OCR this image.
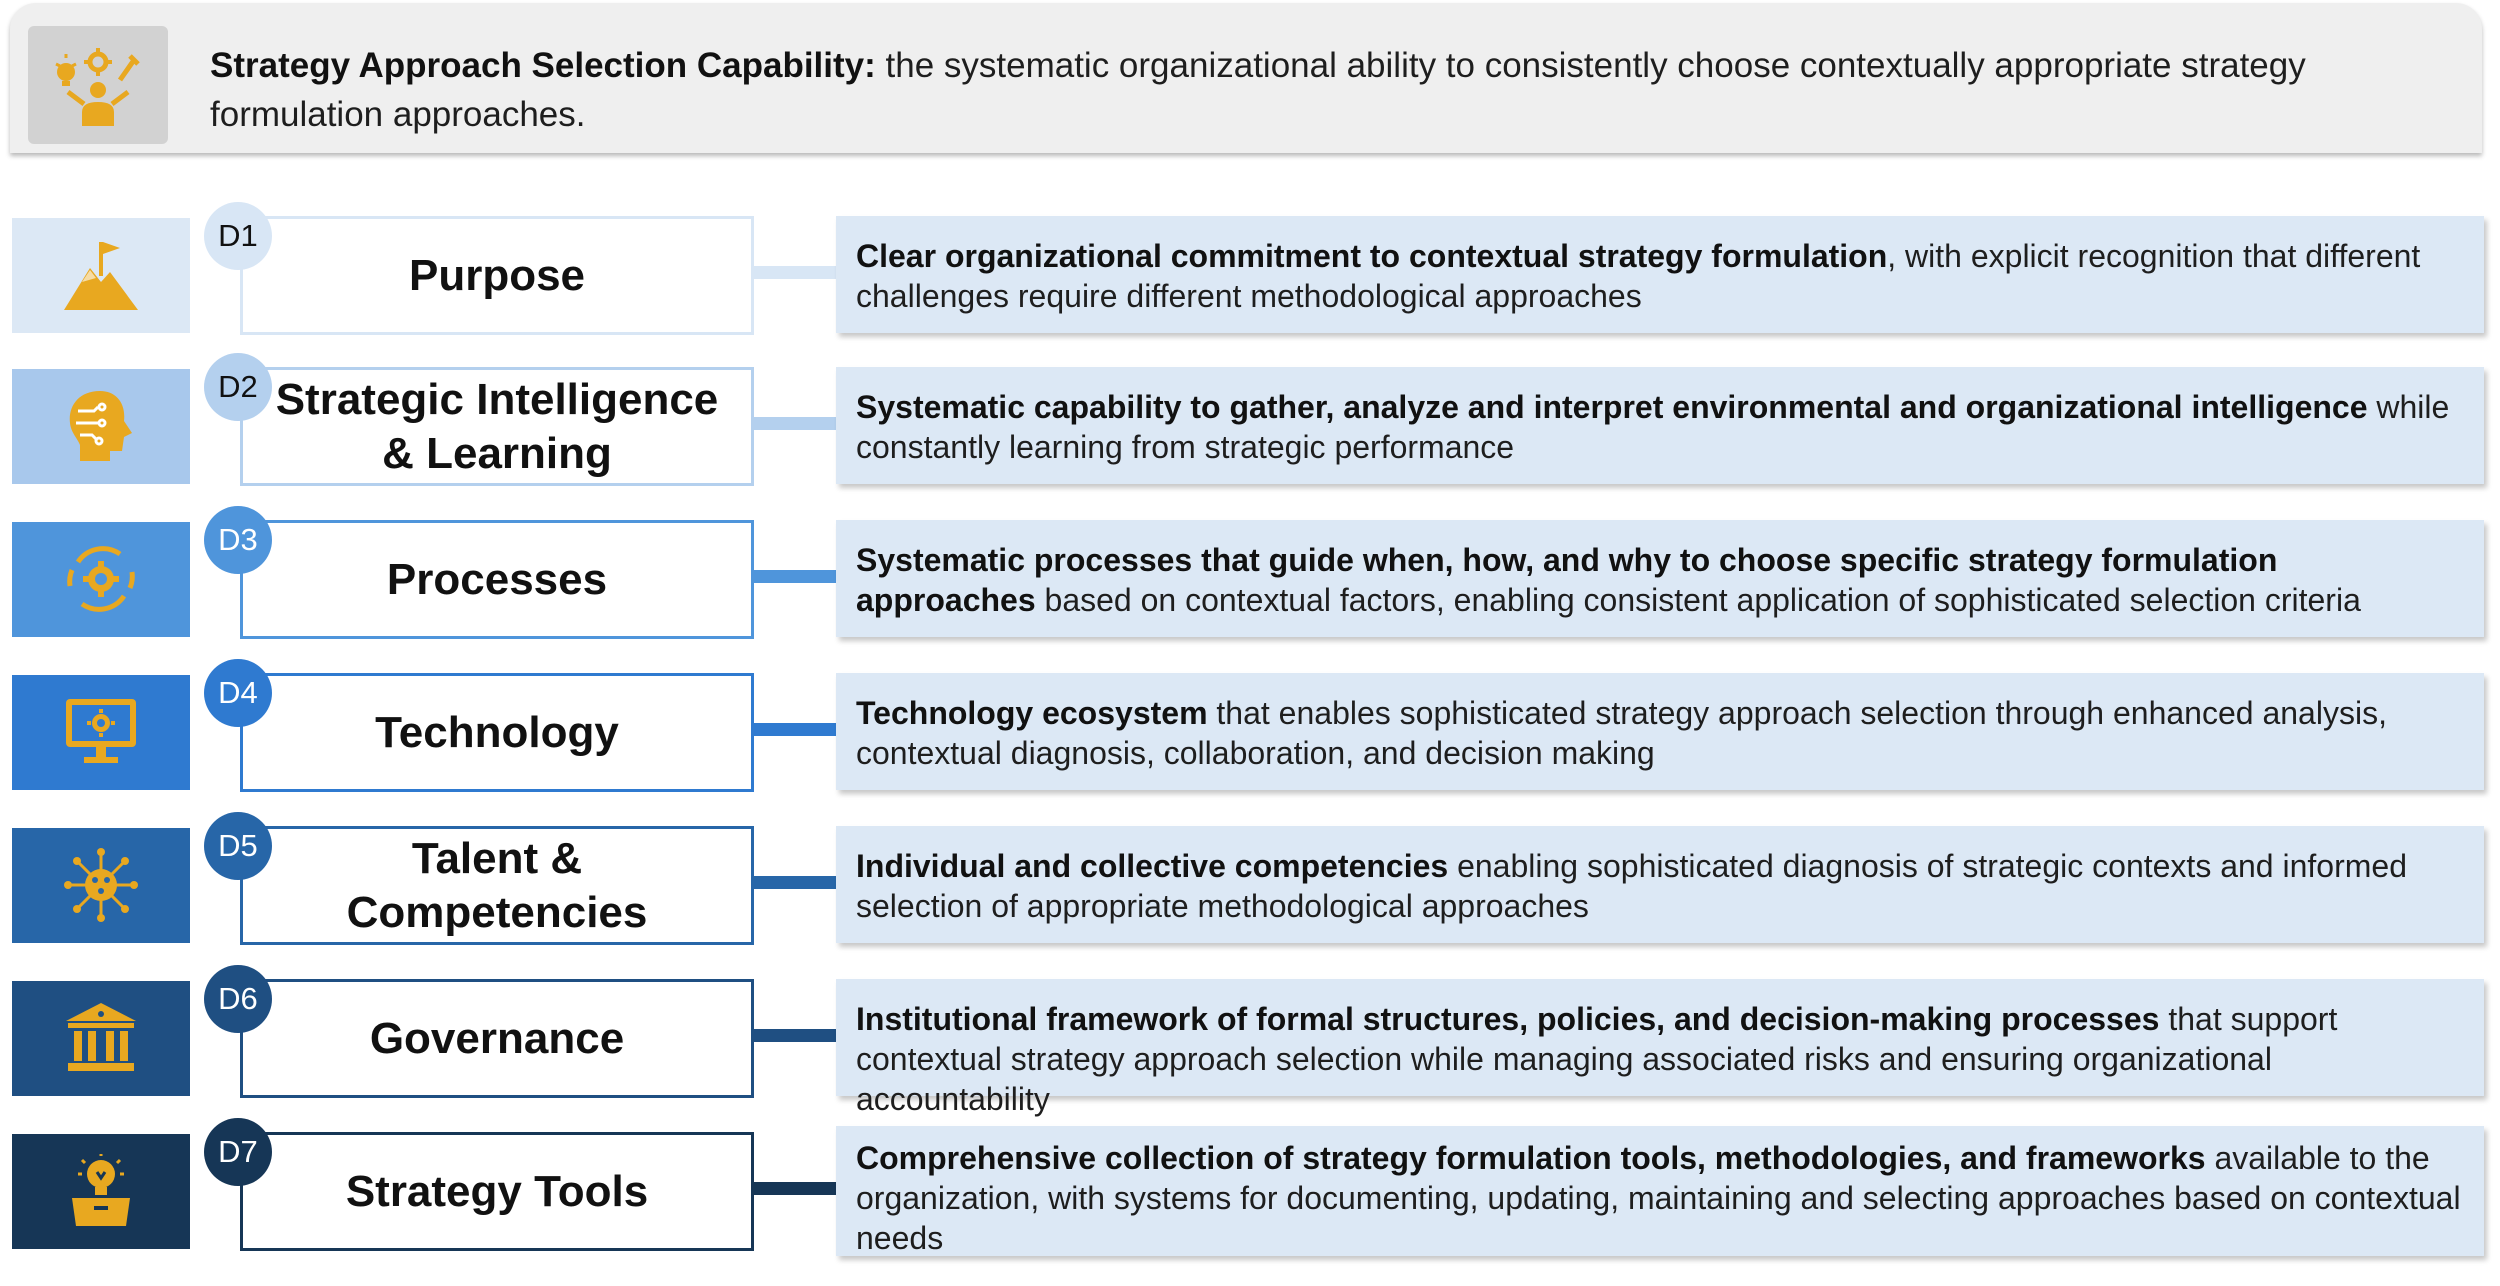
Strategy Approach Selection Capability: the systematic organizational ability to consistently choose contextually appropriate strategy formulation approaches.
Purpose
D1
Clear organizational commitment to contextual strategy formulation, with explicit recognition that different challenges require different methodological approaches
Strategic Intelligence
& Learning
D2
Systematic capability to gather, analyze and interpret environmental and organizational intelligence while constantly learning from strategic performance
Processes
D3
Systematic processes that guide when, how, and why to choose specific strategy formulation approaches based on contextual factors, enabling consistent application of sophisticated selection criteria
Technology
D4
Technology ecosystem that enables sophisticated strategy approach selection through enhanced analysis, contextual diagnosis, collaboration, and decision making
Talent &
Competencies
D5
Individual and collective competencies enabling sophisticated diagnosis of strategic contexts and informed selection of appropriate methodological approaches
Governance
D6
Institutional framework of formal structures, policies, and decision-making processes that support contextual strategy approach selection while managing associated risks and ensuring organizational accountability
Strategy Tools
D7	Comprehensive collection of strategy formulation tools, methodologies, and frameworks available to the organization, with systems for documenting, updating, maintaining and selecting approaches based on contextual needs
